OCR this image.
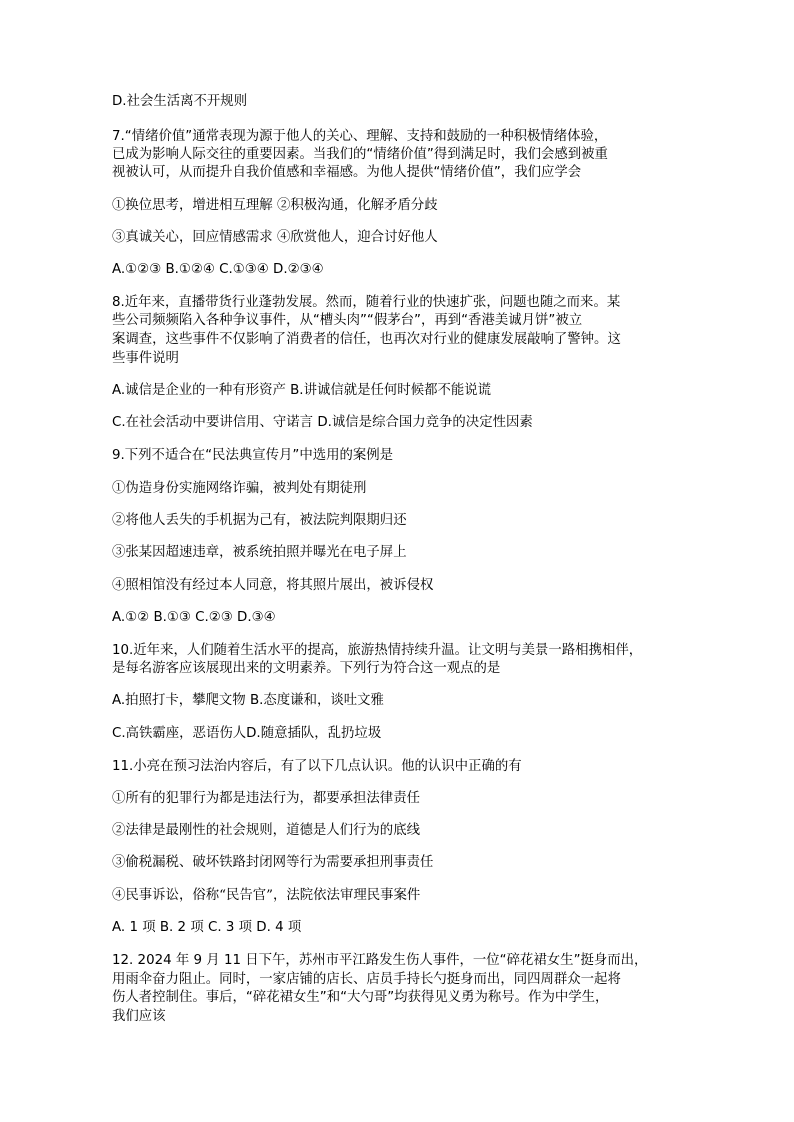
D.社会生活离不开规则
7.“情绪价值”通常表现为源于他人的关心、理解、支持和鼓励的一种积极情绪体验，
已成为影响人际交往的重要因素。当我们的“情绪价值”得到满足时，我们会感到被重
视被认可，从而提升自我价值感和幸福感。为他人提供“情绪价值”，我们应学会
①换位思考，增进相互理解 ②积极沟通，化解矛盾分歧
③真诚关心，回应情感需求 ④欣赏他人，迎合讨好他人
A.①②③ B.①②④ C.①③④ D.②③④
8.近年来，直播带货行业蓬勃发展。然而，随着行业的快速扩张，问题也随之而来。某
些公司频频陷入各种争议事件，从“槽头肉”“假茅台”，再到“香港美诚月饼”被立
案调查，这些事件不仅影响了消费者的信任，也再次对行业的健康发展敲响了警钟。这
些事件说明
A.诚信是企业的一种有形资产 B.讲诚信就是任何时候都不能说谎
C.在社会活动中要讲信用、守诺言 D.诚信是综合国力竞争的决定性因素
9.下列不适合在“民法典宣传月”中选用的案例是
①伪造身份实施网络诈骗，被判处有期徒刑
②将他人丢失的手机据为己有，被法院判限期归还
③张某因超速违章，被系统拍照并曝光在电子屏上
④照相馆没有经过本人同意，将其照片展出，被诉侵权
A.①② B.①③ C.②③ D.③④
10.近年来，人们随着生活水平的提高，旅游热情持续升温。让文明与美景一路相携相伴，
是每名游客应该展现出来的文明素养。下列行为符合这一观点的是
A.拍照打卡，攀爬文物 B.态度谦和，谈吐文雅
C.高铁霸座，恶语伤人D.随意插队，乱扔垃圾
11.小亮在预习法治内容后，有了以下几点认识。他的认识中正确的有
①所有的犯罪行为都是违法行为，都要承担法律责任
②法律是最刚性的社会规则，道德是人们行为的底线
③偷税漏税、破坏铁路封闭网等行为需要承担刑事责任
④民事诉讼，俗称“民告官”，法院依法审理民事案件
A. 1 项 B. 2 项 C. 3 项 D. 4 项
12. 2024 年 9 月 11 日下午，苏州市平江路发生伤人事件，一位“碎花裙女生”挺身而出，
用雨伞奋力阻止。同时，一家店铺的店长、店员手持长勺挺身而出，同四周群众一起将
伤人者控制住。事后，“碎花裙女生”和“大勺哥”均获得见义勇为称号。作为中学生，
我们应该
